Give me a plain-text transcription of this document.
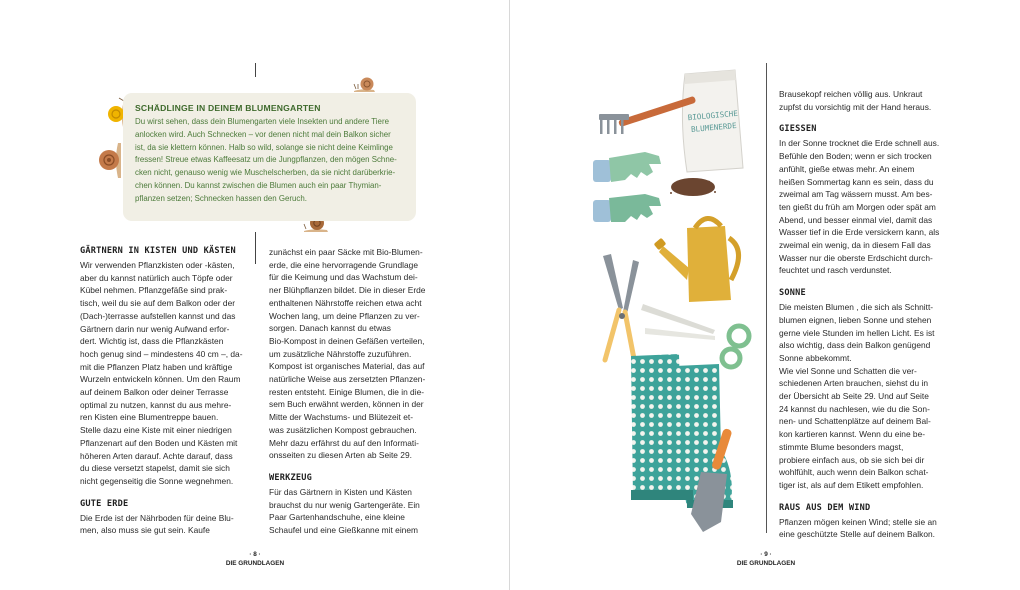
SCHÄDLINGE IN DEINEM BLUMENGARTEN
Du wirst sehen, dass dein Blumengarten viele Insekten und andere Tiere
anlocken wird. Auch Schnecken – vor denen nicht mal dein Balkon sicher
ist, da sie klettern können. Halb so wild, solange sie nicht deine Keimlinge
fressen! Streue etwas Kaffeesatz um die Jungpflanzen, den mögen Schne-
cken nicht, genauso wenig wie Muschelscherben, da sie nicht darüberkrie-
chen können. Du kannst zwischen die Blumen auch ein paar Thymian-
pflanzen setzen; Schnecken hassen den Geruch.
GÄRTNERN IN KISTEN UND KÄSTEN
Wir verwenden Pflanzkisten oder -kästen,
aber du kannst natürlich auch Töpfe oder
Kübel nehmen. Pflanzgefäße sind prak-
tisch, weil du sie auf dem Balkon oder der
(Dach-)terrasse aufstellen kannst und das
Gärtnern darin nur wenig Aufwand erfor-
dert. Wichtig ist, dass die Pflanzkästen
hoch genug sind – mindestens 40 cm –, da-
mit die Pflanzen Platz haben und kräftige
Wurzeln entwickeln können. Um den Raum
auf deinem Balkon oder deiner Terrasse
optimal zu nutzen, kannst du aus mehre-
ren Kisten eine Blumentreppe bauen.
Stelle dazu eine Kiste mit einer niedrigen
Pflanzenart auf den Boden und Kästen mit
höheren Arten darauf. Achte darauf, dass
du diese versetzt stapelst, damit sie sich
nicht gegenseitig die Sonne wegnehmen.
GUTE ERDE
Die Erde ist der Nährboden für deine Blu-
men, also muss sie gut sein. Kaufe
zunächst ein paar Säcke mit Bio-Blumen-
erde, die eine hervorragende Grundlage
für die Keimung und das Wachstum dei-
ner Blühpflanzen bildet. Die in dieser Erde
enthaltenen Nährstoffe reichen etwa acht
Wochen lang, um deine Pflanzen zu ver-
sorgen. Danach kannst du etwas
Bio-Kompost in deinen Gefäßen verteilen,
um zusätzliche Nährstoffe zuzuführen.
Kompost ist organisches Material, das auf
natürliche Weise aus zersetzten Pflanzen-
resten entsteht. Einige Blumen, die in die-
sem Buch erwähnt werden, können in der
Mitte der Wachstums- und Blütezeit et-
was zusätzlichen Kompost gebrauchen.
Mehr dazu erfährst du auf den Informati-
onsseiten zu diesen Arten ab Seite 29.
WERKZEUG
Für das Gärtnern in Kisten und Kästen
brauchst du nur wenig Gartengeräte. Ein
Paar Gartenhandschuhe, eine kleine
Schaufel und eine Gießkanne mit einem
· 8 ·
DIE GRUNDLAGEN
Brausekopf reichen völlig aus. Unkraut
zupfst du vorsichtig mit der Hand heraus.
GIESSEN
In der Sonne trocknet die Erde schnell aus.
Befühle den Boden; wenn er sich trocken
anfühlt, gieße etwas mehr. An einem
heißen Sommertag kann es sein, dass du
zweimal am Tag wässern musst. Am bes-
ten gießt du früh am Morgen oder spät am
Abend, und besser einmal viel, damit das
Wasser tief in die Erde versickern kann, als
zweimal ein wenig, da in diesem Fall das
Wasser nur die oberste Erdschicht durch-
feuchtet und rasch verdunstet.
SONNE
Die meisten Blumen , die sich als Schnitt-
blumen eignen, lieben Sonne und stehen
gerne viele Stunden im hellen Licht. Es ist
also wichtig, dass dein Balkon genügend
Sonne abbekommt.
Wie viel Sonne und Schatten die ver-
schiedenen Arten brauchen, siehst du in
der Übersicht ab Seite 29. Und auf Seite
24 kannst du nachlesen, wie du die Son-
nen- und Schattenplätze auf deinem Bal-
kon kartieren kannst. Wenn du eine be-
stimmte Blume besonders magst,
probiere einfach aus, ob sie sich bei dir
wohlfühlt, auch wenn dein Balkon schat-
tiger ist, als auf dem Etikett empfohlen.
RAUS AUS DEM WIND
Pflanzen mögen keinen Wind; stelle sie an
eine geschützte Stelle auf deinem Balkon.
· 9 ·
DIE GRUNDLAGEN
BIOLOGISCHE
BLUMENERDE
